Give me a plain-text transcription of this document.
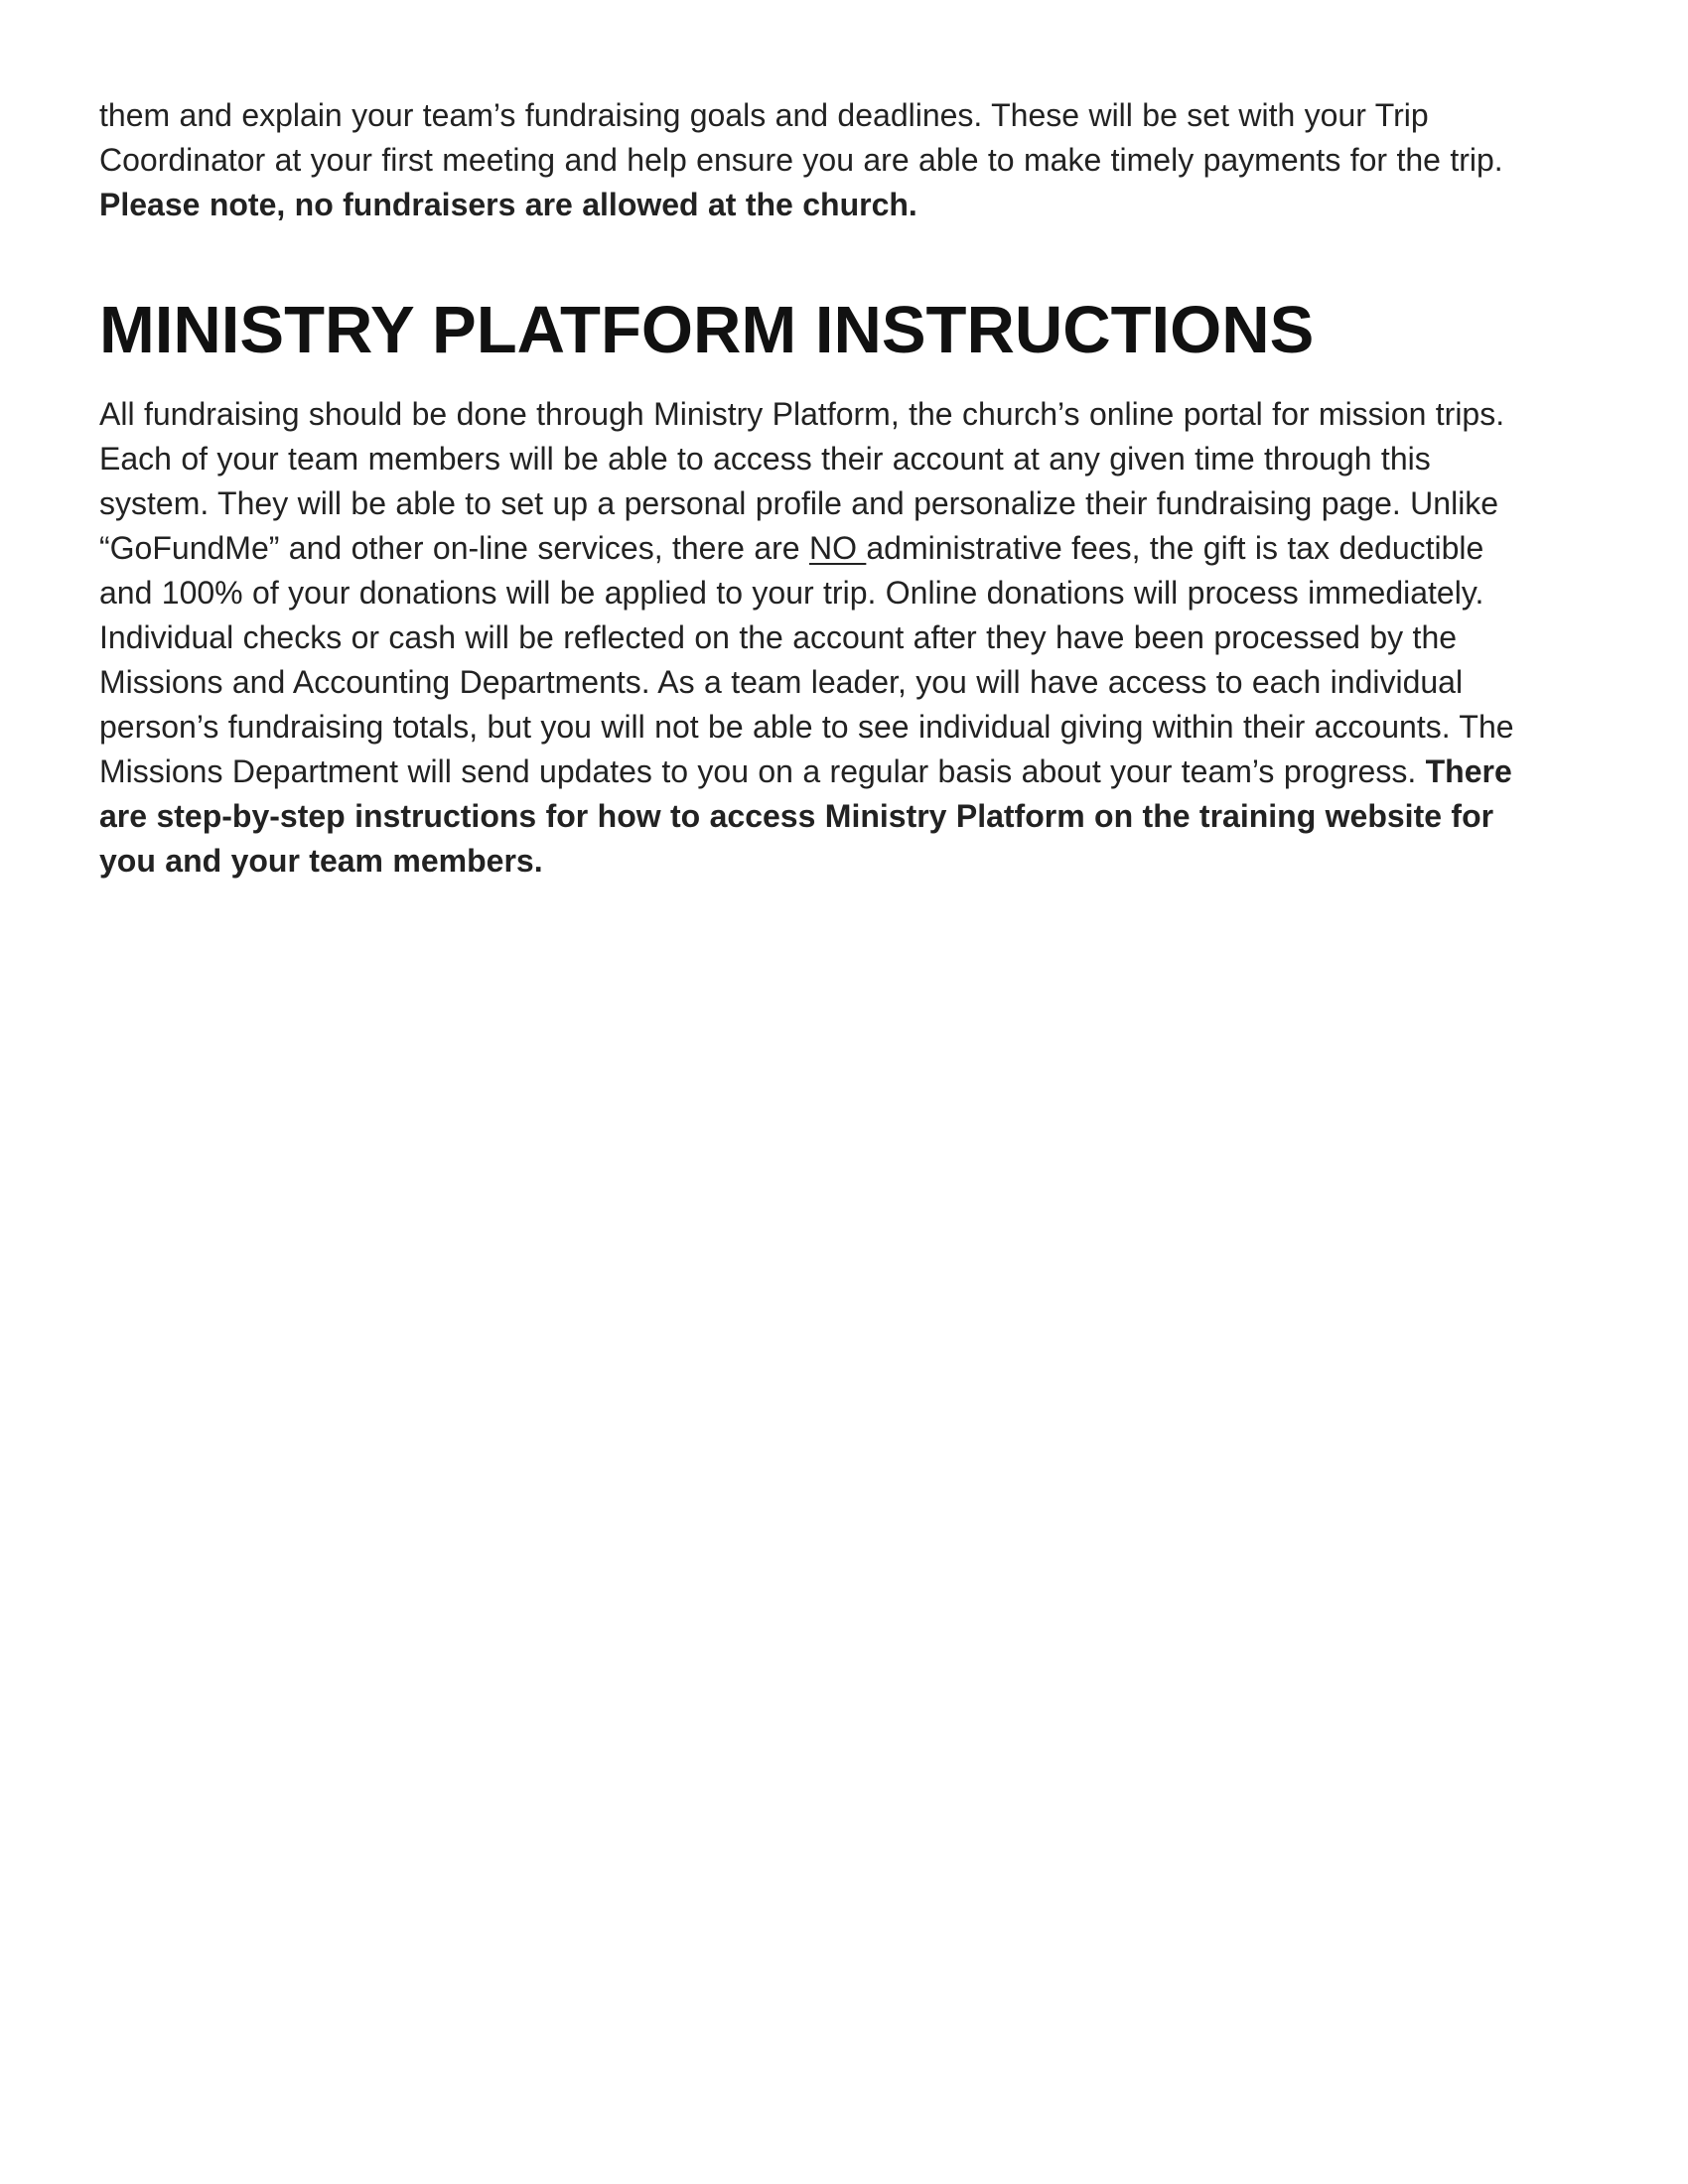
them and explain your team’s fundraising goals and deadlines. These will be set with your Trip
Coordinator at your first meeting and help ensure you are able to make timely payments for the trip.
Please note, no fundraisers are allowed at the church.

MINISTRY PLATFORM INSTRUCTIONS

All fundraising should be done through Ministry Platform, the church’s online portal for mission trips.
Each of your team members will be able to access their account at any given time through this
system. They will be able to set up a personal profile and personalize their fundraising page. Unlike
“GoFundMe” and other on-line services, there are NO administrative fees, the gift is tax deductible
and 100% of your donations will be applied to your trip. Online donations will process immediately.
Individual checks or cash will be reflected on the account after they have been processed by the
Missions and Accounting Departments. As a team leader, you will have access to each individual
person’s fundraising totals, but you will not be able to see individual giving within their accounts. The
Missions Department will send updates to you on a regular basis about your team’s progress. There
are step-by-step instructions for how to access Ministry Platform on the training website for
you and your team members.
